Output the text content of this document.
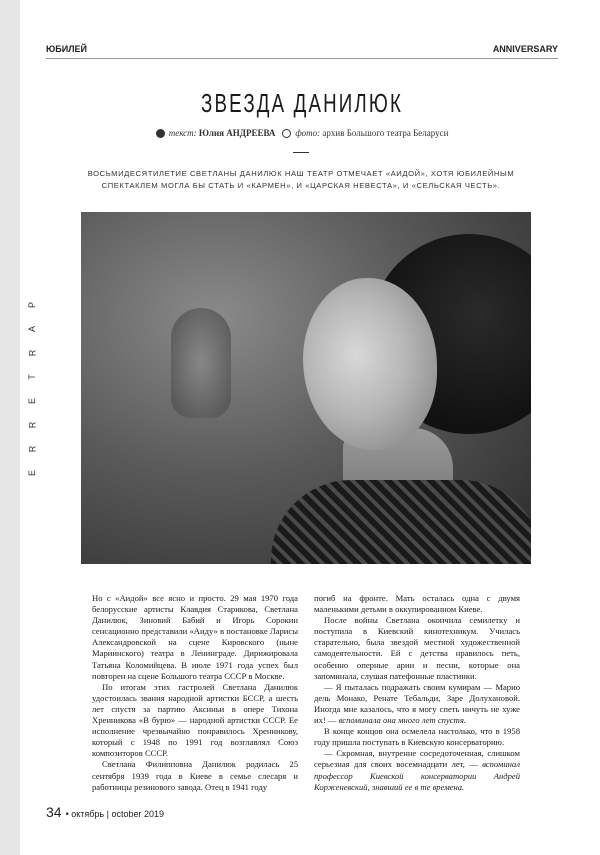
P
A
R
T
E
R
R
E
ЮБИЛЕЙ	ANNIVERSARY
ЗВЕЗДА ДАНИЛЮК
текст: Юлия АНДРЕЕВА фото: архив Большого театра Беларуси
ВОСЬМИДЕСЯТИЛЕТИЕ СВЕТЛАНЫ ДАНИЛЮК НАШ ТЕАТР ОТМЕЧАЕТ «АИДОЙ», ХОТЯ ЮБИЛЕЙНЫМ СПЕКТАКЛЕМ МОГЛА БЫ СТАТЬ И «КАРМЕН», И «ЦАРСКАЯ НЕВЕСТА», И «СЕЛЬСКАЯ ЧЕСТЬ».

Но с «Аидой» все ясно и просто. 29 мая 1970 года белорусские артисты Клавдия Старикова, Светлана Данилюк, Зиновий Бабий и Игорь Сорокин сенсационно представили «Аиду» в постановке Ларисы Александровской на сцене Кировского (ныне Мариинского) театра в Ленинграде. Дирижировала Татьяна Коломийцева. В июле 1971 года успех был повторен на сцене Большого театра СССР в Москве.

По итогам этих гастролей Светлана Данилюк удостоилась звания народной артистки БССР, а шесть лет спустя за партию Аксиньи в опере Тихона Хренникова «В бурю» — народной артистки СССР. Ее исполнение чрезвычайно понравилось Хренникову, который с 1948 по 1991 год возглавлял Союз композиторов СССР.

Светлана Филипповна Данилюк родилась 25 сентября 1939 года в Киеве в семье слесаря и работницы резинового завода. Отец в 1941 году

погиб на фронте. Мать осталась одна с двумя маленькими детьми в оккупированном Киеве.

После войны Светлана окончила семилетку и поступила в Киевский кинотехникум. Училась старательно, была звездой местной художественной самодеятельности. Ей с детства нравилось петь, особенно оперные арии и песни, которые она запоминала, слушая патефонные пластинки.

— Я пыталась подражать своим кумирам — Марио дель Монако, Ренате Тебальди, Заре Долухановой. Иногда мне казалось, что я могу спеть ничуть не хуже их! — вспоминала она много лет спустя.

В конце концов она осмелела настолько, что в 1958 году пришла поступать в Киевскую консерваторию.

— Скромная, внутренне сосредоточенная, слишком серьезная для своих восемнадцати лет, — вспоминал профессор Киевской консерватории Андрей Корженевский, знавший ее в те времена.

34 • октябрь | october 2019
